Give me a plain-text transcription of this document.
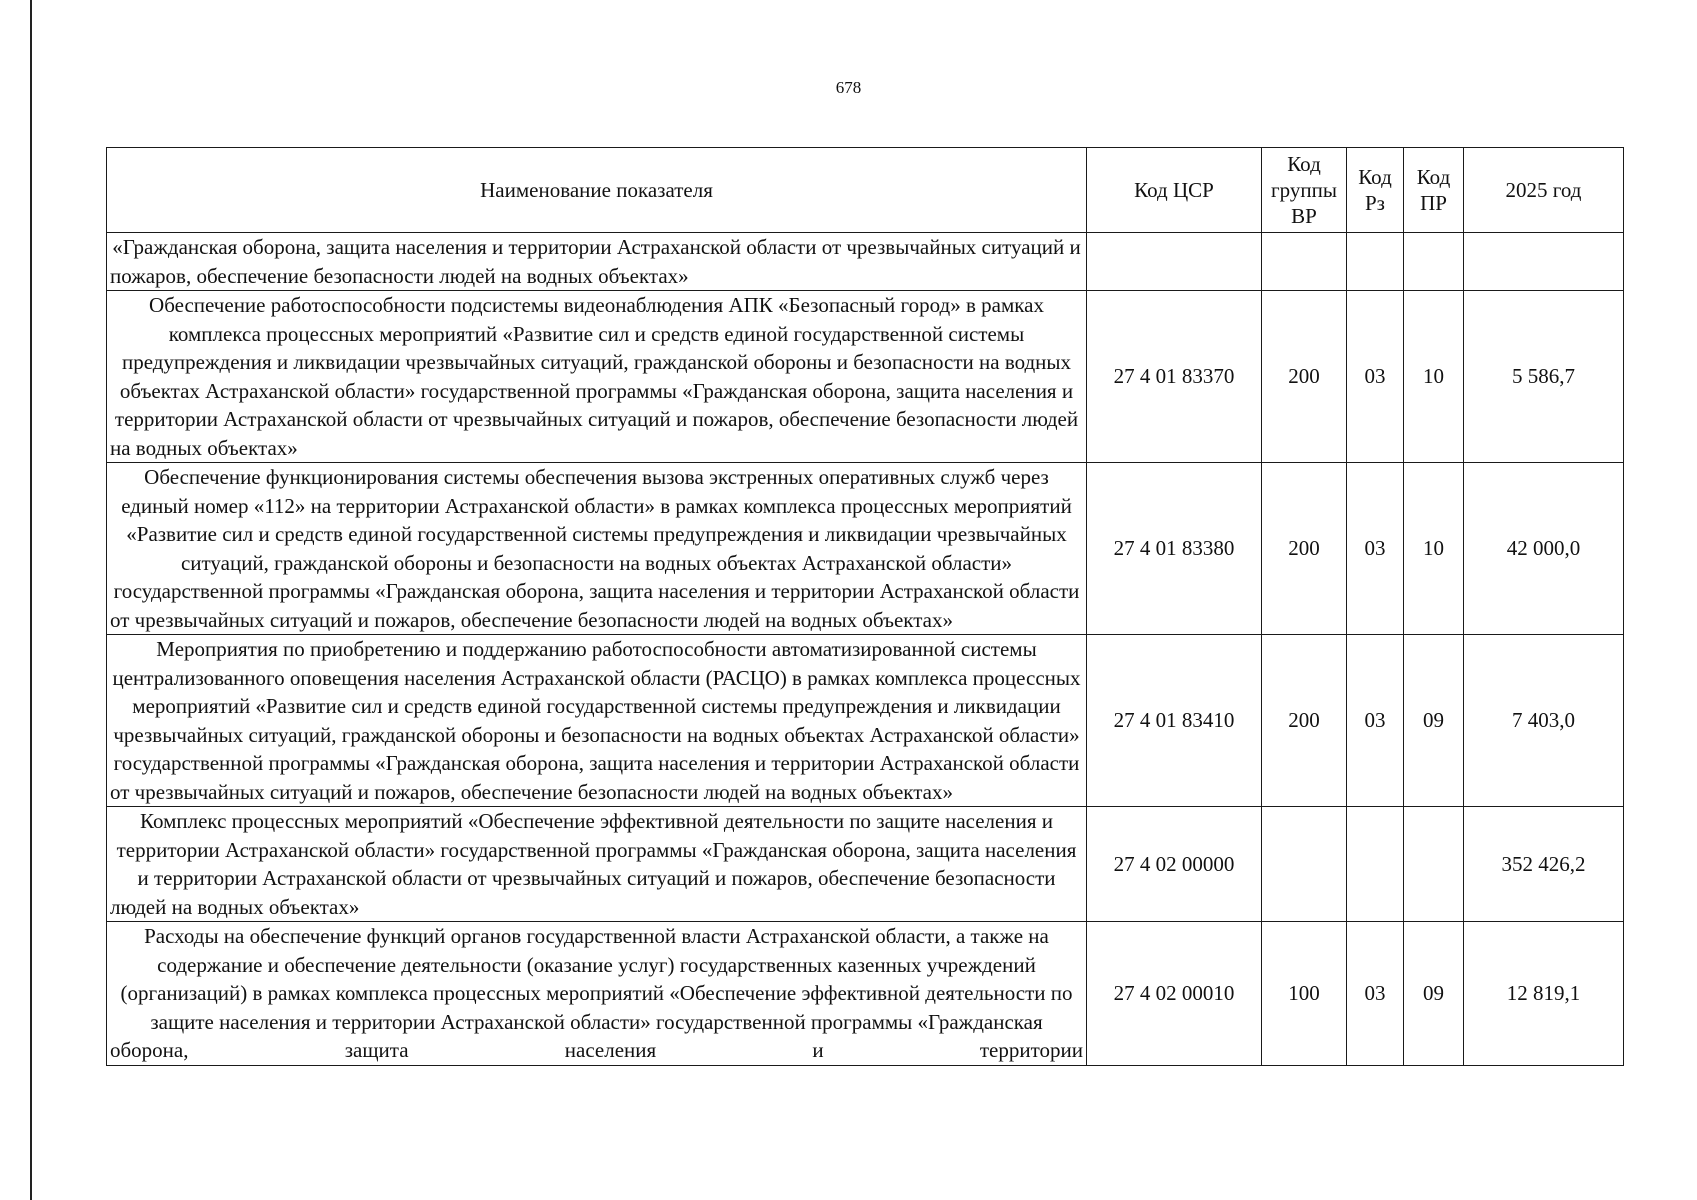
678
Наименование показателя	Код ЦСР	Код группы ВР	Код Рз	Код ПР	2025 год
«Гражданская оборона, защита населения и территории Астраханской области от чрезвычайных ситуаций и пожаров, обеспечение безопасности людей на водных объектах»					
Обеспечение работоспособности подсистемы видеонаблюдения АПК «Безопасный город» в рамках комплекса процессных мероприятий «Развитие сил и средств единой государственной системы предупреждения и ликвидации чрезвычайных ситуаций, гражданской обороны и безопасности на водных объектах Астраханской области» государственной программы «Гражданская оборона, защита населения и территории Астраханской области от чрезвычайных ситуаций и пожаров, обеспечение безопасности людей на водных объектах»	27 4 01 83370	200	03	10	5 586,7
Обеспечение функционирования системы обеспечения вызова экстренных оперативных служб через единый номер «112» на территории Астраханской области» в рамках комплекса процессных мероприятий «Развитие сил и средств единой государственной системы предупреждения и ликвидации чрезвычайных ситуаций, гражданской обороны и безопасности на водных объектах Астраханской области» государственной программы «Гражданская оборона, защита населения и территории Астраханской области от чрезвычайных ситуаций и пожаров, обеспечение безопасности людей на водных объектах»	27 4 01 83380	200	03	10	42 000,0
Мероприятия по приобретению и поддержанию работоспособности автоматизированной системы централизованного оповещения населения Астраханской области (РАСЦО) в рамках комплекса процессных мероприятий «Развитие сил и средств единой государственной системы предупреждения и ликвидации чрезвычайных ситуаций, гражданской обороны и безопасности на водных объектах Астраханской области» государственной программы «Гражданская оборона, защита населения и территории Астраханской области от чрезвычайных ситуаций и пожаров, обеспечение безопасности людей на водных объектах»	27 4 01 83410	200	03	09	7 403,0
Комплекс процессных мероприятий «Обеспечение эффективной деятельности по защите населения и территории Астраханской области» государственной программы «Гражданская оборона, защита населения и территории Астраханской области от чрезвычайных ситуаций и пожаров, обеспечение безопасности людей на водных объектах»	27 4 02 00000				352 426,2
Расходы на обеспечение функций органов государственной власти Астраханской области, а также на содержание и обеспечение деятельности (оказание услуг) государственных казенных учреждений (организаций) в рамках комплекса процессных мероприятий «Обеспечение эффективной деятельности по защите населения и территории Астраханской области» государственной программы «Гражданская оборона, защита населения и территории	27 4 02 00010	100	03	09	12 819,1
